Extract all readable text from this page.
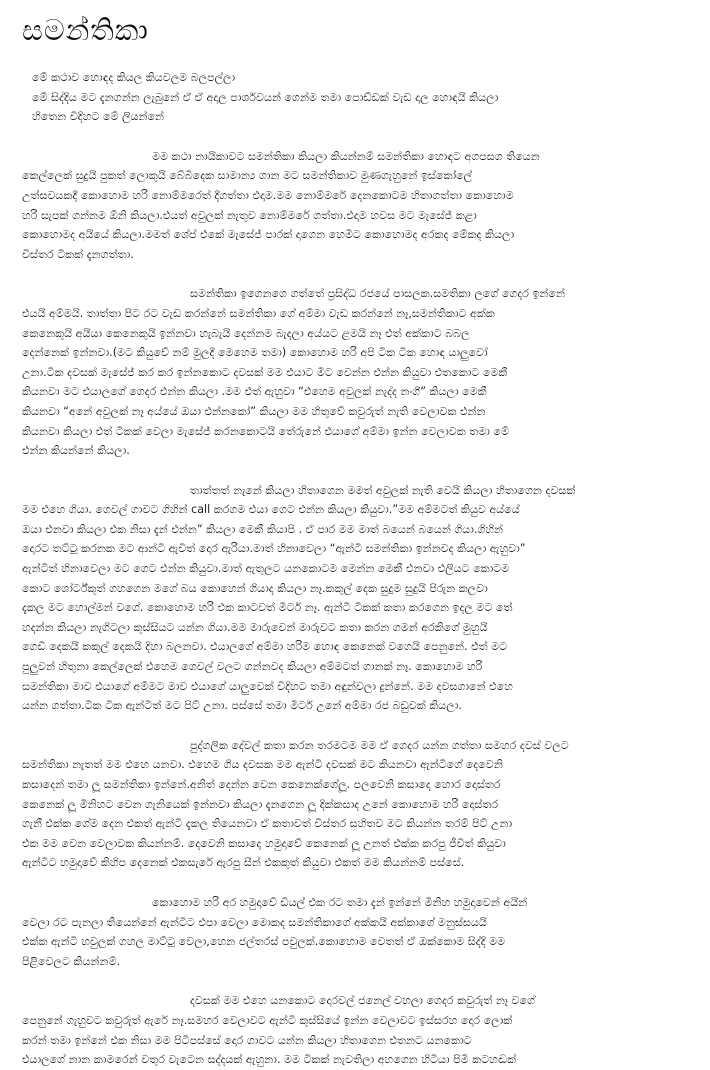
සමන්තිකා
මේ කථාව හොඳද කියල කියවලම බලපල්ලා
මේ සිද්දිය මට දැනගන්න ලැබුනේ ඒ ඒ අදාල පාර්ශවයන් ගෙන්ම තමා පොඩ්ඩක් වැඩ දාල හොඳයි කියලා
හිතෙන විදිහට මේ ලියන්නේ
මම කථා නායිකාවට සමන්තිකා කියලා කියන්නම් සමන්තිකා හොඳට අගපසග තියෙන
කෙල්ලෙක් සුදුයි පුකත් ලොකුයි බේබිදෙක සාමාන්‍ය ගාන මට සමන්තිකාව මුණගැහුනේ ඉස්කෝලේ
උත්සවයකදී කොහොම හරි නොම්මරෙත් දීගත්තා එදාම.මම නොම්මරේ දෙනකොටම හිතාගත්තා කොහොම
හරි සැපක් ගන්නම ඕනි කියලා.එයත් අවුලක් නැතුව නොම්මරේ ගත්තා.එදාම හවස මට මැසේජ් කළා
කොහොමද අයියේ කියලා.මමත් ශේප් එකේ මැසේජ් පාරක් දාගෙන හෙමිට කොහොමද අරකද මේකද කියලා
විස්තර ටිකක් දැනගත්තා.
සමන්තිකා ඉගෙනගෙ ගත්තේ ප්‍රසිද්ධ රජයේ පාසලක.සමතිකා ලගේ ගෙදර ඉන්නේ
එයයි අම්මයි. තාත්තා පිට රට වැඩ කරන්නේ සමන්තිකා ගේ අම්මා වැඩ කරන්නේ නෑ,සමන්තිකාට අක්ක
කෙනෙකුයි අයියා කෙනෙකුයි ඉන්නවා හැබැයි දෙන්නම බැදලා අය්යට ළමයි නෑ එත් අක්කාට බබල
දෙන්නෙක් ඉන්නවා.(මට කියුවේ නම් මුලදී මෙහෙම තමා) කොහොම හරි අපි ටික ටික හොඳ යාලුවෝ
උනා.ටික දවසක් මැසේජ් කර කර ඉන්නකොට දවසක් මම එයාට මීට වෙන්න එන්න කියුවා එතකොට මෙකී
කියනවා මට එයාලගේ ගෙදර එන්න කියලා .මම එත් ඇහුවා “එහෙම අවුලක් නැද්ද නංගී” කියලා මෙකී
කියනවා “අනේ අවුලක් නෑ අය්යේ ඔයා එන්නකෝ” කියලා මම හිතුවේ කවුරුත් නැති වෙලාවක එන්න
කියනවා කියලා එත් ටිකක් වෙලා මැසේජ් කරනකොටයි තේරුනේ එයාගේ අම්මා ඉන්න වෙලාවක තමා මේ
එන්න කියන්නේ කියලා.
තාත්තත් නැනේ කියලා හිතාගෙන මමත් අවුලක් නැති වෙයි කියලා හිතාගෙන දවසක්
මම එහෙ ගියා. ගෙවල් ගාවට ගිහින් call කරගම එයා ගෙට එන්න කියලා කියුවා.”මම අම්මටත් කියුව අය්යේ
ඔයා එනවා කියලා එක නිසා දැන් එන්න” කියලා මෙකී කියාපි . ඒ පාර මම මාත් බයෙන් බයෙන් ගියා.ගිහින්
දොරට තට්ටු කරනක මට ආන්ටි ඇවිත් දොර ඇරියා.මාත් හිනාවෙලා “ඇන්ටි සමන්තිකා ඉන්නවද කියලා ඇහුවා”
ඇන්ටිත් හිනාවෙලා මට ගෙට එන්න කියුවා.මාත් ඇතුලට යනකොටම මෙන්න මෙකී එනවා එලියට කොටම
කොට ශෝර්ට්කුත් ගහගෙන මගේ බය කොහෙන් ගියාද කියලා නෑ.කකුල් දෙක සුදුම සුදුයි පිරුන කලවා
දැකල මට හොල්මන් වගේ. කොහොම හරි එක කාටවත් මීටර් නෑ. ඇන්ටි ටිකක් කතා කරගෙන ඉදල මට තේ
හදන්න කියලා නැගිටලා කුස්සියට යන්න ගියා.මම මාරුවෙන් මාරුවට කතා කරන ගමන් අරකිගේ මුහුයි
ගෙඩි දෙකයි කකුල් දෙකයි දිහා බලනවා. එයාලගේ අම්මා හරිම හොඳ කෙනෙක් වගෙයි පෙනුනේ. එත් මට
පුලුවන් හිතුනා කෙල්ලෙක් එහෙම ගෙවල් වලට ගන්නවද කියලා අම්මටත් ගානක් නෑ. කොහොම හරි
සමන්තිකා මාව එයාගේ අම්මට මාව එයාගේ යාලුවෙක් විදිහට තමා අඳුන්වලා දුන්නේ. මම දවසගානේ එහෙ
යන්න ගත්තා.ටික ටික ඇන්ටිත් මට පිට් උනා. පස්සේ තමා මීටර් උනේ අම්මා රජ බඩුවක් කියලා.
පුද්ගලික දේවල් කතා කරන තරමටම මම ඒ ගෙදර යන්න ගත්තා සමහර දවස් වලට
සමන්තිකා නැතත් මම එහෙ යනවා. එහෙම ගිය දවසක මම ඇන්ටි දවසක් මට කියනවා ඇන්ටිගේ දෙවෙනි
කසාදෙන් තමා ලූ සමන්තිකා ඉන්නේ.අනිත් දෙන්න වෙන කෙනෙක්ගේලූ. පලවෙනි කසාදෙ හොර දොස්තර
කෙනෙක් ලූ මිනිහට වෙන ගැනියෙක් ඉන්නවා කියලා දැනගෙන ලූ දික්කසාද උනේ කොහොම හරි දොස්තර
ගැනී එක්ක ගේම දෙන එකත් ඇන්ටි දැකල තියෙනවා ඒ කතාවත් විස්තර සහිතව මට කියන්න තරම් පිට් උනා
එක මම වෙන වෙලාවක කියන්නම්. දෙවෙනි කසාදෙ හමුදාවේ කෙනෙක් ලූ උනත් එක්ක කරපු ජීවිත් කියුවා
ඇන්ටිට හමුදාවේ කිහිප දෙනෙක් එකසැරේ ඇරපු සීන් එකකුත් කියුවා එකත් මම කියන්නම් පස්සේ.
කොහොම හරි අර හමුදාවේ ඩියල් එක රට තමා දැන් ඉන්නේ මිනිහ හමුදාවෙන් අයින්
වෙලා රට පැනලා තියෙන්නේ ඇන්ටිට එපා වෙලා මොකද සමන්තිකාගේ අක්කයි අක්කාගේ මනුස්සයයි
එක්ක ඇන්ටි හවුලක් ගහල මාට්ටු වෙලා,හෙන ජල්තරස් පවුලක්.කොහොම වෙතත් ඒ ඔක්කොම සිද්දි මම
පිළිවෙලට කියන්නම්.
දවසක් මම එහෙ යනකොට දොරවල් ජනෙල් වහලා ගෙදර කවුරුත් නෑ වගේ
පෙනුනේ ගැහුවට කවුරුත් ඇරේ නෑ.සමහර වෙලාවට ඇන්ටි කුස්සියේ ඉන්න වෙලාවට ඉස්සරහ දොර ලොක්
කරන් තමා ඉන්නේ එක නිසා මම පිටිපස්සේ දොර ගාවට යන්න කියලා හිතාගෙන එතනට යනකොට
එයාලගේ නාන කාමරෙන් වතුර වැටෙන සද්දයක් ඇහුනා. මම ටිකක් නැවතිලා අහගෙන හිටියා පිමී කටහඬක්
